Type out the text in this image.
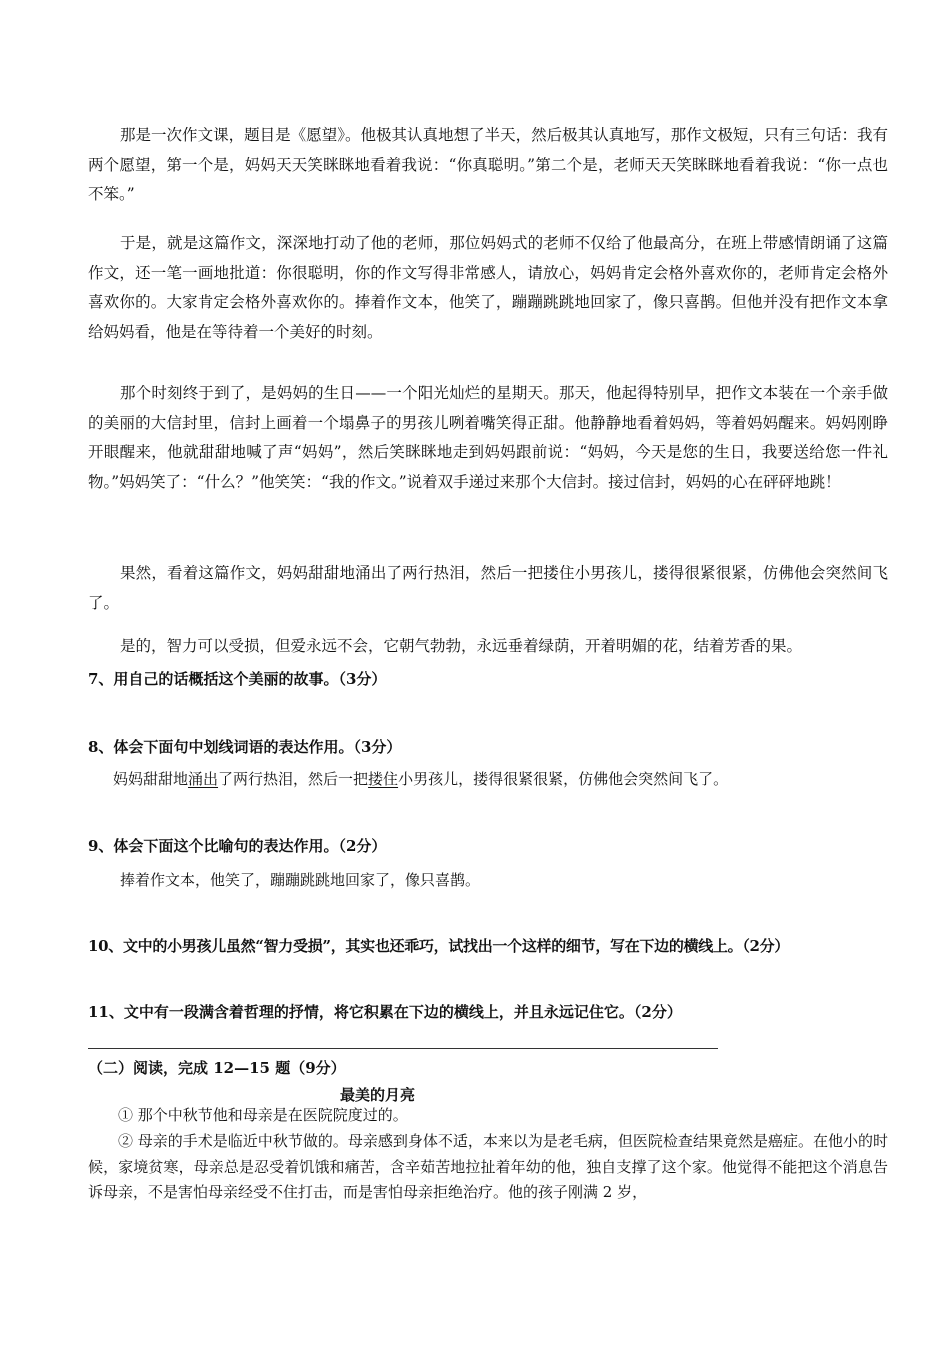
那是一次作文课，题目是《愿望》。他极其认真地想了半天，然后极其认真地写，那作文极短，只有三句话：我有两个愿望，第一个是，妈妈天天笑眯眯地看着我说：“你真聪明。”第二个是，老师天天笑眯眯地看着我说：“你一点也不笨。”

于是，就是这篇作文，深深地打动了他的老师，那位妈妈式的老师不仅给了他最高分，在班上带感情朗诵了这篇作文，还一笔一画地批道：你很聪明，你的作文写得非常感人，请放心，妈妈肯定会格外喜欢你的，老师肯定会格外喜欢你的。大家肯定会格外喜欢你的。捧着作文本，他笑了，蹦蹦跳跳地回家了，像只喜鹊。但他并没有把作文本拿给妈妈看，他是在等待着一个美好的时刻。

那个时刻终于到了，是妈妈的生日——一个阳光灿烂的星期天。那天，他起得特别早，把作文本装在一个亲手做的美丽的大信封里，信封上画着一个塌鼻子的男孩儿咧着嘴笑得正甜。他静静地看着妈妈，等着妈妈醒来。妈妈刚睁开眼醒来，他就甜甜地喊了声“妈妈”，然后笑眯眯地走到妈妈跟前说：“妈妈，今天是您的生日，我要送给您一件礼物。”妈妈笑了：“什么？”他笑笑：“我的作文。”说着双手递过来那个大信封。接过信封，妈妈的心在砰砰地跳！

果然，看着这篇作文，妈妈甜甜地涌出了两行热泪，然后一把搂住小男孩儿，搂得很紧很紧，仿佛他会突然间飞了。

是的，智力可以受损，但爱永远不会，它朝气勃勃，永远垂着绿荫，开着明媚的花，结着芳香的果。

7、用自己的话概括这个美丽的故事。（3分）

8、体会下面句中划线词语的表达作用。（3分）

妈妈甜甜地涌出了两行热泪，然后一把搂住小男孩儿，搂得很紧很紧，仿佛他会突然间飞了。

9、体会下面这个比喻句的表达作用。（2分）

捧着作文本，他笑了，蹦蹦跳跳地回家了，像只喜鹊。

10、文中的小男孩儿虽然“智力受损”，其实也还乖巧，试找出一个这样的细节，写在下边的横线上。（2分）

11、文中有一段满含着哲理的抒情，将它积累在下边的横线上，并且永远记住它。（2分）

（二）阅读，完成 12—15 题（9分）

最美的月亮

① 那个中秋节他和母亲是在医院院度过的。

② 母亲的手术是临近中秋节做的。母亲感到身体不适，本来以为是老毛病，但医院检查结果竟然是癌症。在他小的时候，家境贫寒，母亲总是忍受着饥饿和痛苦，含辛茹苦地拉扯着年幼的他，独自支撑了这个家。他觉得不能把这个消息告诉母亲，不是害怕母亲经受不住打击，而是害怕母亲拒绝治疗。他的孩子刚满 2 岁，
